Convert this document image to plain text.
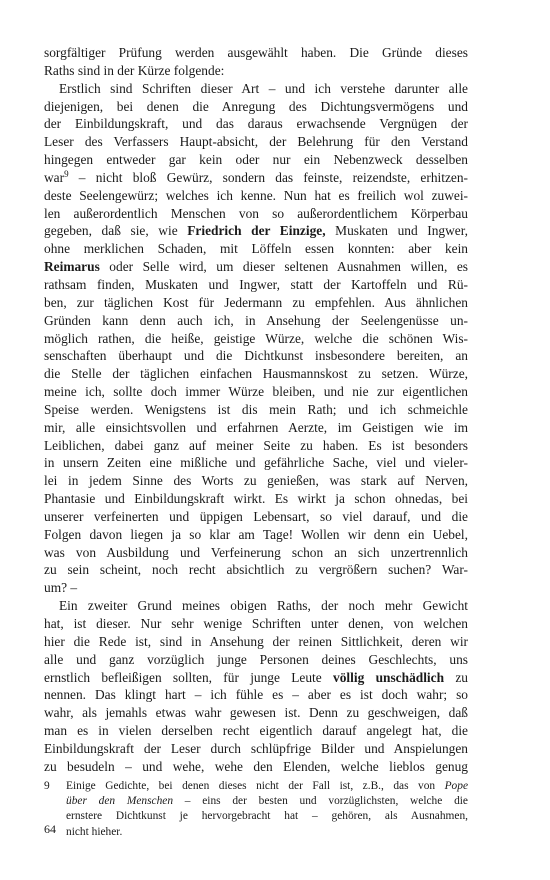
sorgfältiger Prüfung werden ausgewählt haben. Die Gründe dieses
Raths sind in der Kürze folgende:
Erstlich sind Schriften dieser Art – und ich verstehe darunter alle
diejenigen, bei denen die Anregung des Dichtungsvermögens und
der Einbildungskraft, und das daraus erwachsende Vergnügen der
Leser des Verfassers Haupt-absicht, der Belehrung für den Verstand
hingegen entweder gar kein oder nur ein Nebenzweck desselben
war$^9$ – nicht bloß Gewürz, sondern das feinste, reizendste, erhitzen-
deste Seelengewürz; welches ich kenne. Nun hat es freilich wol zuwei-
len außerordentlich Menschen von so außerordentlichem Körperbau
gegeben, daß sie, wie Friedrich der Einzige, Muskaten und Ingwer,
ohne merklichen Schaden, mit Löffeln essen konnten: aber kein
Reimarus oder Selle wird, um dieser seltenen Ausnahmen willen, es
rathsam finden, Muskaten und Ingwer, statt der Kartoffeln und Rü-
ben, zur täglichen Kost für Jedermann zu empfehlen. Aus ähnlichen
Gründen kann denn auch ich, in Ansehung der Seelengenüsse un-
möglich rathen, die heiße, geistige Würze, welche die schönen Wis-
senschaften überhaupt und die Dichtkunst insbesondere bereiten, an
die Stelle der täglichen einfachen Hausmannskost zu setzen. Würze,
meine ich, sollte doch immer Würze bleiben, und nie zur eigentlichen
Speise werden. Wenigstens ist dis mein Rath; und ich schmeichle
mir, alle einsichtsvollen und erfahrnen Aerzte, im Geistigen wie im
Leiblichen, dabei ganz auf meiner Seite zu haben. Es ist besonders
in unsern Zeiten eine mißliche und gefährliche Sache, viel und vieler-
lei in jedem Sinne des Worts zu genießen, was stark auf Nerven,
Phantasie und Einbildungskraft wirkt. Es wirkt ja schon ohnedas, bei
unserer verfeinerten und üppigen Lebensart, so viel darauf, und die
Folgen davon liegen ja so klar am Tage! Wollen wir denn ein Uebel,
was von Ausbildung und Verfeinerung schon an sich unzertrennlich
zu sein scheint, noch recht absichtlich zu vergrößern suchen? War-
um? –
Ein zweiter Grund meines obigen Raths, der noch mehr Gewicht
hat, ist dieser. Nur sehr wenige Schriften unter denen, von welchen
hier die Rede ist, sind in Ansehung der reinen Sittlichkeit, deren wir
alle und ganz vorzüglich junge Personen deines Geschlechts, uns
ernstlich befleißigen sollten, für junge Leute völlig unschädlich zu
nennen. Das klingt hart – ich fühle es – aber es ist doch wahr; so
wahr, als jemahls etwas wahr gewesen ist. Denn zu geschweigen, daß
man es in vielen derselben recht eigentlich darauf angelegt hat, die
Einbildungskraft der Leser durch schlüpfrige Bilder und Anspielungen
zu besudeln – und wehe, wehe den Elenden, welche lieblos genug
9	Einige Gedichte, bei denen dieses nicht der Fall ist, z.B., das von Pope
über den Menschen – eins der besten und vorzüglichsten, welche die
ernstere Dichtkunst je hervorgebracht hat – gehören, als Ausnahmen,
nicht hieher.
64
